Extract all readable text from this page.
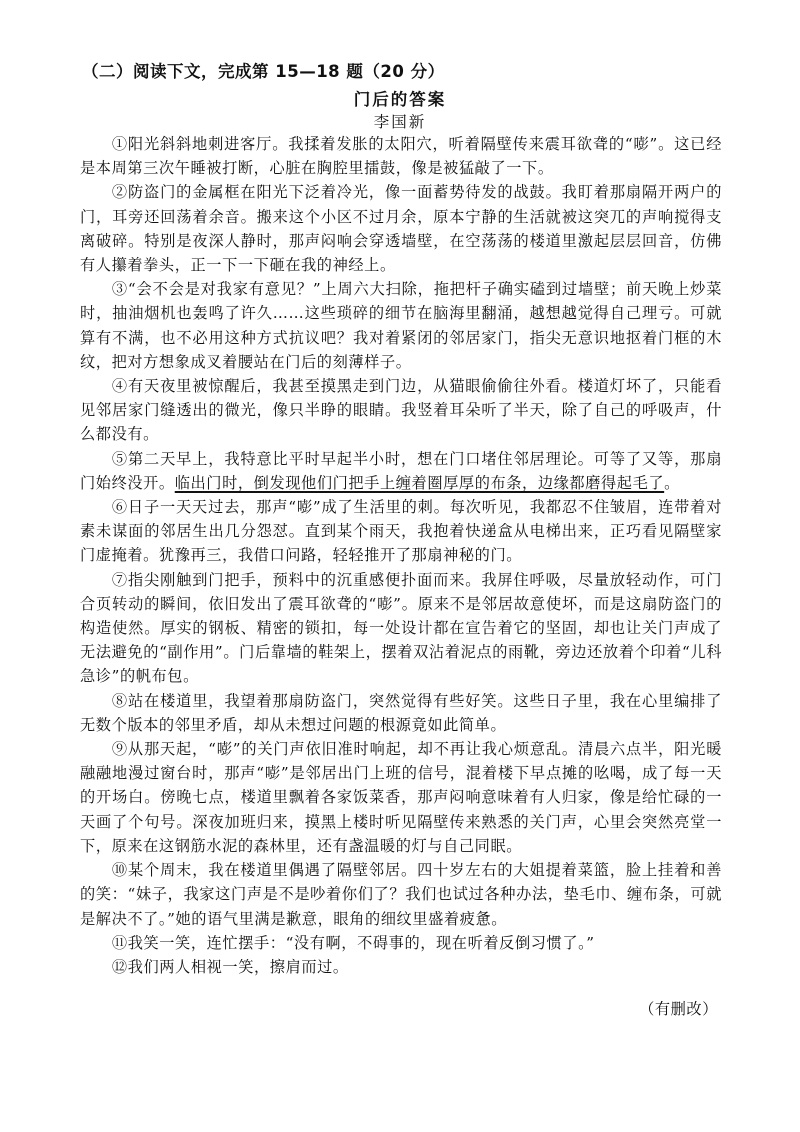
（二）阅读下文，完成第 15—18 题（20 分）
门后的答案
李国新

①阳光斜斜地刺进客厅。我揉着发胀的太阳穴，听着隔壁传来震耳欲聋的“嘭”。这已经是本周第三次午睡被打断，心脏在胸腔里擂鼓，像是被猛敲了一下。

②防盗门的金属框在阳光下泛着冷光，像一面蓄势待发的战鼓。我盯着那扇隔开两户的门，耳旁还回荡着余音。搬来这个小区不过月余，原本宁静的生活就被这突兀的声响搅得支离破碎。特别是夜深人静时，那声闷响会穿透墙壁，在空荡荡的楼道里激起层层回音，仿佛有人攥着拳头，正一下一下砸在我的神经上。

③“会不会是对我家有意见？”上周六大扫除，拖把杆子确实磕到过墙壁；前天晚上炒菜时，抽油烟机也轰鸣了许久……这些琐碎的细节在脑海里翻涌，越想越觉得自己理亏。可就算有不满，也不必用这种方式抗议吧？我对着紧闭的邻居家门，指尖无意识地抠着门框的木纹，把对方想象成叉着腰站在门后的刻薄样子。

④有天夜里被惊醒后，我甚至摸黑走到门边，从猫眼偷偷往外看。楼道灯坏了，只能看见邻居家门缝透出的微光，像只半睁的眼睛。我竖着耳朵听了半天，除了自己的呼吸声，什么都没有。

⑤第二天早上，我特意比平时早起半小时，想在门口堵住邻居理论。可等了又等，那扇门始终没开。临出门时，倒发现他们门把手上缠着圈厚厚的布条，边缘都磨得起毛了。

⑥日子一天天过去，那声“嘭”成了生活里的刺。每次听见，我都忍不住皱眉，连带着对素未谋面的邻居生出几分怨怼。直到某个雨天，我抱着快递盒从电梯出来，正巧看见隔壁家门虚掩着。犹豫再三，我借口问路，轻轻推开了那扇神秘的门。

⑦指尖刚触到门把手，预料中的沉重感便扑面而来。我屏住呼吸，尽量放轻动作，可门合页转动的瞬间，依旧发出了震耳欲聋的“嘭”。原来不是邻居故意使坏，而是这扇防盗门的构造使然。厚实的钢板、精密的锁扣，每一处设计都在宣告着它的坚固，却也让关门声成了无法避免的“副作用”。门后靠墙的鞋架上，摆着双沾着泥点的雨靴，旁边还放着个印着“儿科急诊”的帆布包。

⑧站在楼道里，我望着那扇防盗门，突然觉得有些好笑。这些日子里，我在心里编排了无数个版本的邻里矛盾，却从未想过问题的根源竟如此简单。

⑨从那天起，“嘭”的关门声依旧准时响起，却不再让我心烦意乱。清晨六点半，阳光暖融融地漫过窗台时，那声“嘭”是邻居出门上班的信号，混着楼下早点摊的吆喝，成了每一天的开场白。傍晚七点，楼道里飘着各家饭菜香，那声闷响意味着有人归家，像是给忙碌的一天画了个句号。深夜加班归来，摸黑上楼时听见隔壁传来熟悉的关门声，心里会突然亮堂一下，原来在这钢筋水泥的森林里，还有盏温暖的灯与自己同眠。

⑩某个周末，我在楼道里偶遇了隔壁邻居。四十岁左右的大姐提着菜篮，脸上挂着和善的笑：“妹子，我家这门声是不是吵着你们了？我们也试过各种办法，垫毛巾、缠布条，可就是解决不了。”她的语气里满是歉意，眼角的细纹里盛着疲惫。

⑪我笑一笑，连忙摆手：“没有啊，不碍事的，现在听着反倒习惯了。”

⑫我们两人相视一笑，擦肩而过。

（有删改）
